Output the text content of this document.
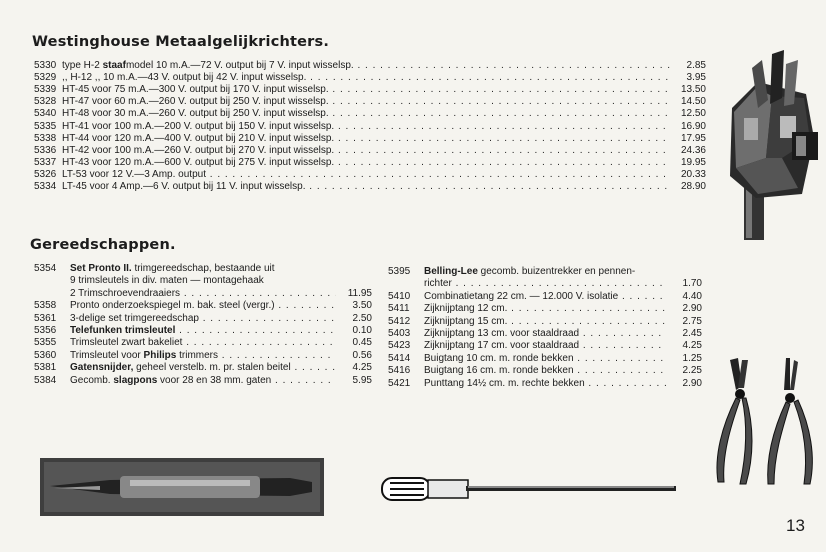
Westinghouse Metaalgelijkrichters.
Gereedschappen.
5330 type H-2 staafmodel 10 m.A.—72 V. output bij 7 V. input wisselsp. . . .	2.85
5329 ,, H-12 ,, 10 m.A.—43 V. output bij 42 V. input wisselsp. . . .	3.95
5339 HT-45 voor 75 m.A.—300 V. output bij 170 V. input wisselsp. . . .	13.50
5328 HT-47 voor 60 m.A.—260 V. output bij 250 V. input wisselsp. . . .	14.50
5340 HT-48 voor 30 m.A.—260 V. output bij 250 V. input wisselsp. . . .	12.50
5335 HT-41 voor 100 m.A.—200 V. output bij 150 V. input wisselsp. . . .	16.90
5338 HT-44 voor 120 m.A.—400 V. output bij 210 V. input wisselsp. . . .	17.95
5336 HT-42 voor 100 m.A.—260 V. output bij 270 V. input wisselsp. . . .	24.36
5337 HT-43 voor 120 m.A.—600 V. output bij 275 V. input wisselsp. . . .	19.95
5326 LT-53 voor 12 V.—3 Amp. output . . .	20.33
5334 LT-45 voor 4 Amp.—6 V. output bij 11 V. input wisselsp. . . .	28.90
5354 Set Pronto II. trimgereedschap, bestaande uit
9 trimsleutels in div. maten — montagehaak
2 Trimschroevendraaiers . . .	11.95
5358 Pronto onderzoekspiegel m. bak. steel (vergr.) . . .	3.50
5361 3-delige set trimgereedschap . . .	2.50
5356 Telefunken trimsleutel . . .	0.10
5355 Trimsleutel zwart bakeliet . . .	0.45
5360 Trimsleutel voor Philips trimmers . . .	0.56
5381 Gatensnijder, geheel verstelb. m. pr. stalen beitel . . .	4.25
5384 Gecomb. slagpons voor 28 en 38 mm. gaten . . .	5.95
5395 Belling-Lee gecomb. buizentrekker en pennen-
richter . . .	1.70
5410 Combinatietang 22 cm. — 12.000 V. isolatie . . .	4.40
5411 Zijknijptang 12 cm. . . .	2.90
5412 Zijknijptang 15 cm. . . .	2.75
5403 Zijknijptang 13 cm. voor staaldraad . . .	2.45
5423 Zijknijptang 17 cm. voor staaldraad . . .	4.25
5414 Buigtang 10 cm. m. ronde bekken . . .	1.25
5416 Buigtang 16 cm. m. ronde bekken . . .	2.25
5421 Punttang 14½ cm. m. rechte bekken . . .	2.90
13
